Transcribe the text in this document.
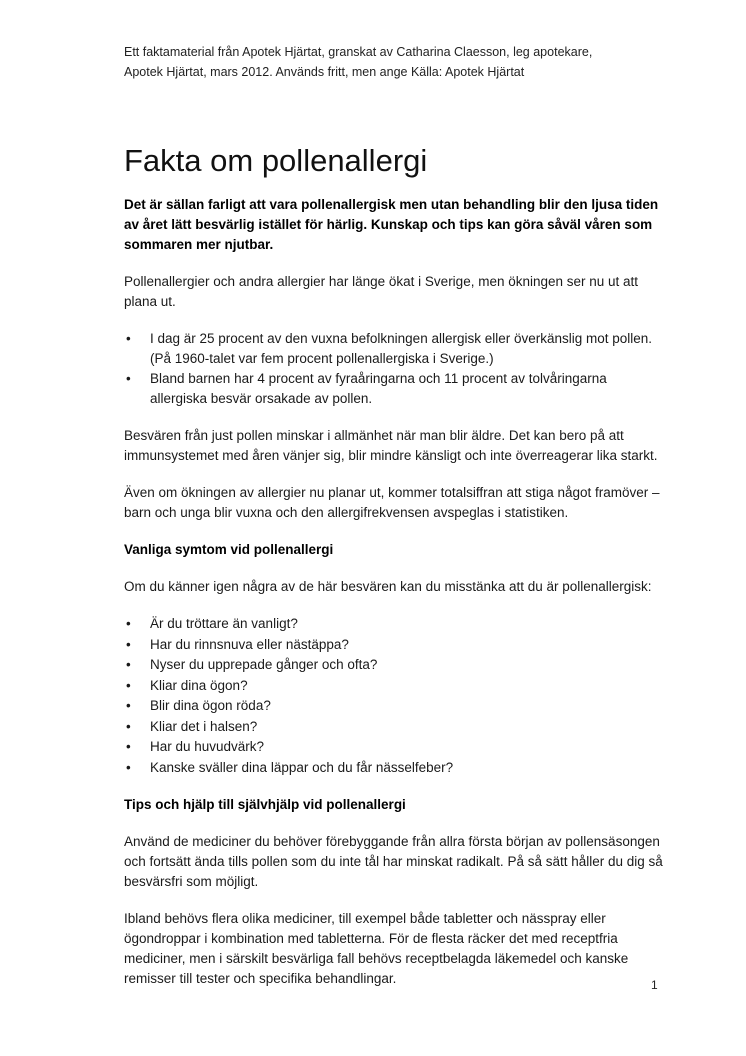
Ett faktamaterial från Apotek Hjärtat, granskat av Catharina Claesson, leg apotekare,
Apotek Hjärtat, mars 2012. Används fritt, men ange Källa: Apotek Hjärtat
Fakta om pollenallergi

Det är sällan farligt att vara pollenallergisk men utan behandling blir den ljusa tiden av året lätt besvärlig istället för härlig. Kunskap och tips kan göra såväl våren som sommaren mer njutbar.

Pollenallergier och andra allergier har länge ökat i Sverige, men ökningen ser nu ut att plana ut.

• I dag är 25 procent av den vuxna befolkningen allergisk eller överkänslig mot pollen. (På 1960-talet var fem procent pollenallergiska i Sverige.)
• Bland barnen har 4 procent av fyraåringarna och 11 procent av tolvåringarna allergiska besvär orsakade av pollen.

Besvären från just pollen minskar i allmänhet när man blir äldre. Det kan bero på att immunsystemet med åren vänjer sig, blir mindre känsligt och inte överreagerar lika starkt.

Även om ökningen av allergier nu planar ut, kommer totalsiffran att stiga något framöver – barn och unga blir vuxna och den allergifrekvensen avspeglas i statistiken.

Vanliga symtom vid pollenallergi

Om du känner igen några av de här besvären kan du misstänka att du är pollenallergisk:

• Är du tröttare än vanligt?
• Har du rinnsnuva eller nästäppa?
• Nyser du upprepade gånger och ofta?
• Kliar dina ögon?
• Blir dina ögon röda?
• Kliar det i halsen?
• Har du huvudvärk?
• Kanske sväller dina läppar och du får nässelfeber?

Tips och hjälp till självhjälp vid pollenallergi

Använd de mediciner du behöver förebyggande från allra första början av pollensäsongen och fortsätt ända tills pollen som du inte tål har minskat radikalt. På så sätt håller du dig så besvärsfri som möjligt.

Ibland behövs flera olika mediciner, till exempel både tabletter och nässpray eller ögondroppar i kombination med tabletterna. För de flesta räcker det med receptfria mediciner, men i särskilt besvärliga fall behövs receptbelagda läkemedel och kanske remisser till tester och specifika behandlingar.	1
